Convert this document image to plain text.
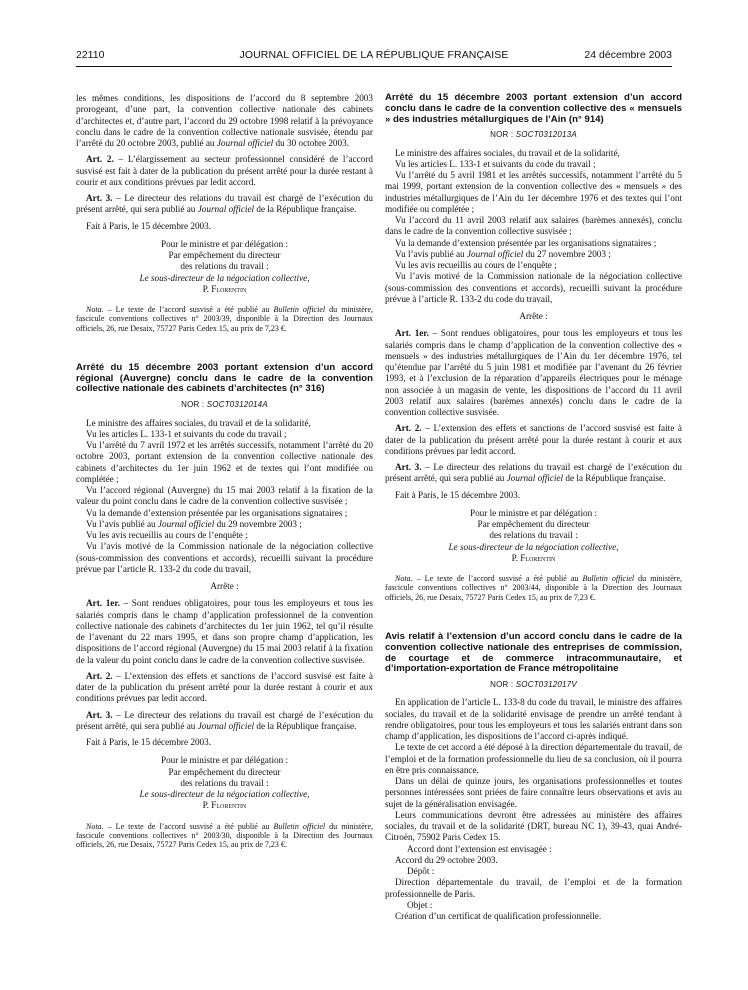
22110	JOURNAL OFFICIEL DE LA RÉPUBLIQUE FRANÇAISE	24 décembre 2003

les mêmes conditions, les dispositions de l’accord du 8 septembre 2003 prorogeant, d’une part, la convention collective nationale des cabinets d’architectes et, d’autre part, l’accord du 29 octobre 1998 relatif à la prévoyance conclu dans le cadre de la convention collective nationale susvisée, étendu par l’arrêté du 20 octobre 2003, publié au Journal officiel du 30 octobre 2003.

Art. 2. – L’élargissement au secteur professionnel considéré de l’accord susvisé est fait à dater de la publication du présent arrêté pour la durée restant à courir et aux conditions prévues par ledit accord.

Art. 3. – Le directeur des relations du travail est chargé de l’exécution du présent arrêté, qui sera publié au Journal officiel de la République française.

Fait à Paris, le 15 décembre 2003.

Pour le ministre et par délégation :
Par empêchement du directeur
des relations du travail :
Le sous-directeur de la négociation collective,
P. Florentin

Nota. – Le texte de l’accord susvisé a été publié au Bulletin officiel du ministère, fascicule conventions collectives n° 2003/39, disponible à la Direction des Journaux officiels, 26, rue Desaix, 75727 Paris Cedex 15, au prix de 7,23 €.

Arrêté du 15 décembre 2003 portant extension d’un accord régional (Auvergne) conclu dans le cadre de la convention collective nationale des cabinets d’architectes (n° 316)

NOR : SOCT0312014A

Le ministre des affaires sociales, du travail et de la solidarité,

Vu les articles L. 133-1 et suivants du code du travail ;

Vu l’arrêté du 7 avril 1972 et les arrêtés successifs, notamment l’arrêté du 20 octobre 2003, portant extension de la convention collective nationale des cabinets d’architectes du 1er juin 1962 et de textes qui l’ont modifiée ou complétée ;

Vu l’accord régional (Auvergne) du 15 mai 2003 relatif à la fixation de la valeur du point conclu dans le cadre de la convention collective susvisée ;

Vu la demande d’extension présentée par les organisations signataires ;

Vu l’avis publié au Journal officiel du 29 novembre 2003 ;

Vu les avis recueillis au cours de l’enquête ;

Vu l’avis motivé de la Commission nationale de la négociation collective (sous-commission des conventions et accords), recueilli suivant la procédure prévue par l’article R. 133-2 du code du travail,

Arrête :

Art. 1er. – Sont rendues obligatoires, pour tous les employeurs et tous les salariés compris dans le champ d’application professionnel de la convention collective nationale des cabinets d’architectes du 1er juin 1962, tel qu’il résulte de l’avenant du 22 mars 1995, et dans son propre champ d’application, les dispositions de l’accord régional (Auvergne) du 15 mai 2003 relatif à la fixation de la valeur du point conclu dans le cadre de la convention collective susvisée.

Art. 2. – L’extension des effets et sanctions de l’accord susvisé est faite à dater de la publication du présent arrêté pour la durée restant à courir et aux conditions prévues par ledit accord.

Art. 3. – Le directeur des relations du travail est chargé de l’exécution du présent arrêté, qui sera publié au Journal officiel de la République française.

Fait à Paris, le 15 décembre 2003.

Pour le ministre et par délégation :
Par empêchement du directeur
des relations du travail :
Le sous-directeur de la négociation collective,
P. Florentin

Nota. – Le texte de l’accord susvisé a été publié au Bulletin officiel du ministère, fascicule conventions collectives n° 2003/30, disponible à la Direction des Journaux officiels, 26, rue Desaix, 75727 Paris Cedex 15, au prix de 7,23 €.

Arrêté du 15 décembre 2003 portant extension d’un accord conclu dans le cadre de la convention collective des « mensuels » des industries métallurgiques de l’Ain (n° 914)

NOR : SOCT0312013A

Le ministre des affaires sociales, du travail et de la solidarité,

Vu les articles L. 133-1 et suivants du code du travail ;

Vu l’arrêté du 5 avril 1981 et les arrêtés successifs, notamment l’arrêté du 5 mai 1999, portant extension de la convention collective des « mensuels » des industries métallurgiques de l’Ain du 1er décembre 1976 et des textes qui l’ont modifiée ou complétée ;

Vu l’accord du 11 avril 2003 relatif aux salaires (barèmes annexés), conclu dans le cadre de la convention collective susvisée ;

Vu la demande d’extension présentée par les organisations signataires ;

Vu l’avis publié au Journal officiel du 27 novembre 2003 ;

Vu les avis recueillis au cours de l’enquête ;

Vu l’avis motivé de la Commission nationale de la négociation collective (sous-commission des conventions et accords), recueilli suivant la procédure prévue à l’article R. 133-2 du code du travail,

Arrête :

Art. 1er. – Sont rendues obligatoires, pour tous les employeurs et tous les salariés compris dans le champ d’application de la convention collective des « mensuels » des industries métallurgiques de l’Ain du 1er décembre 1976, tel qu’étendue par l’arrêté du 5 juin 1981 et modifiée par l’avenant du 26 février 1993, et à l’exclusion de la réparation d’appareils électriques pour le ménage non associée à un magasin de vente, les dispositions de l’accord du 11 avril 2003 relatif aux salaires (barèmes annexés) conclu dans le cadre de la convention collective susvisée.

Art. 2. – L’extension des effets et sanctions de l’accord susvisé est faite à dater de la publication du présent arrêté pour la durée restant à courir et aux conditions prévues par ledit accord.

Art. 3. – Le directeur des relations du travail est chargé de l’exécution du présent arrêté, qui sera publié au Journal officiel de la République française.

Fait à Paris, le 15 décembre 2003.

Pour le ministre et par délégation :
Par empêchement du directeur
des relations du travail :
Le sous-directeur de la négociation collective,
P. Florentin

Nota. – Le texte de l’accord susvisé a été publié au Bulletin officiel du ministère, fascicule conventions collectives n° 2003/44, disponible à la Direction des Journaux officiels, 26, rue Desaix, 75727 Paris Cedex 15, au prix de 7,23 €.

Avis relatif à l’extension d’un accord conclu dans le cadre de la convention collective nationale des entreprises de commission, de courtage et de commerce intracommunautaire, et d’importation-exportation de France métropolitaine

NOR : SOCT0312017V

En application de l’article L. 133-8 du code du travail, le ministre des affaires sociales, du travail et de la solidarité envisage de prendre un arrêté tendant à rendre obligatoires, pour tous les employeurs et tous les salariés entrant dans son champ d’application, les dispositions de l’accord ci-après indiqué.

Le texte de cet accord a été déposé à la direction départementale du travail, de l’emploi et de la formation professionnelle du lieu de sa conclusion, où il pourra en être pris connaissance.

Dans un délai de quinze jours, les organisations professionnelles et toutes personnes intéressées sont priées de faire connaître leurs observations et avis au sujet de la généralisation envisagée.

Leurs communications devront être adressées au ministère des affaires sociales, du travail et de la solidarité (DRT, bureau NC 1), 39-43, quai André-Citroën, 75902 Paris Cedex 15.

Accord dont l’extension est envisagée :

Accord du 29 octobre 2003.

Dépôt :

Direction départementale du travail, de l’emploi et de la formation professionnelle de Paris.

Objet :

Création d’un certificat de qualification professionnelle.
